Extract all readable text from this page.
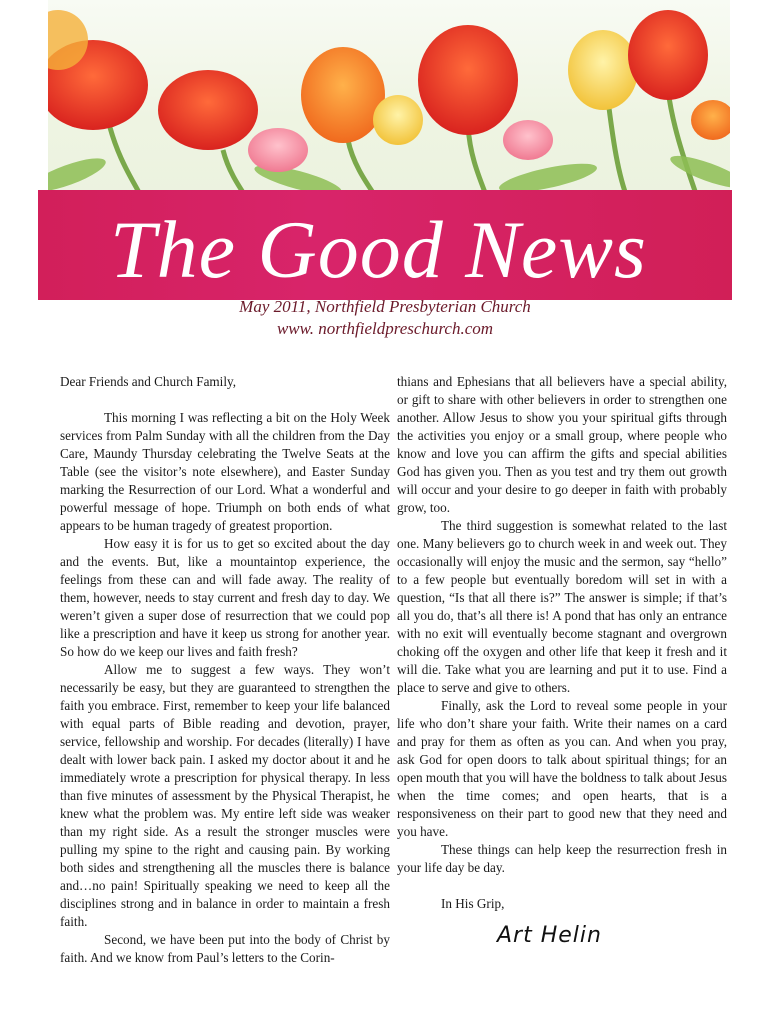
The Good News
May 2011, Northfield Presbyterian Church
www. northfieldpreschurch.com

Dear Friends and Church Family,

This morning I was reflecting a bit on the Holy Week services from Palm Sunday with all the children from the Day Care, Maundy Thursday celebrating the Twelve Seats at the Table (see the visitor’s note elsewhere), and Easter Sunday marking the Resurrection of our Lord. What a wonderful and powerful message of hope. Triumph on both ends of what appears to be human tragedy of greatest proportion.

How easy it is for us to get so excited about the day and the events. But, like a mountaintop experience, the feelings from these can and will fade away. The reality of them, however, needs to stay current and fresh day to day. We weren’t given a super dose of resurrection that we could pop like a prescription and have it keep us strong for another year. So how do we keep our lives and faith fresh?

Allow me to suggest a few ways. They won’t necessarily be easy, but they are guaranteed to strengthen the faith you embrace. First, remember to keep your life balanced with equal parts of Bible reading and devotion, prayer, service, fellowship and worship. For decades (literally) I have dealt with lower back pain. I asked my doctor about it and he immediately wrote a prescription for physical therapy. In less than five minutes of assessment by the Physical Therapist, he knew what the problem was. My entire left side was weaker than my right side. As a result the stronger muscles were pulling my spine to the right and causing pain. By working both sides and strengthening all the muscles there is balance and…no pain! Spiritually speaking we need to keep all the disciplines strong and in balance in order to maintain a fresh faith.

Second, we have been put into the body of Christ by faith. And we know from Paul’s letters to the Corin-

thians and Ephesians that all believers have a special ability, or gift to share with other believers in order to strengthen one another. Allow Jesus to show you your spiritual gifts through the activities you enjoy or a small group, where people who know and love you can affirm the gifts and special abilities God has given you. Then as you test and try them out growth will occur and your desire to go deeper in faith with probably grow, too.

The third suggestion is somewhat related to the last one. Many believers go to church week in and week out. They occasionally will enjoy the music and the sermon, say “hello” to a few people but eventually boredom will set in with a question, “Is that all there is?” The answer is simple; if that’s all you do, that’s all there is! A pond that has only an entrance with no exit will eventually become stagnant and overgrown choking off the oxygen and other life that keep it fresh and it will die. Take what you are learning and put it to use. Find a place to serve and give to others.

Finally, ask the Lord to reveal some people in your life who don’t share your faith. Write their names on a card and pray for them as often as you can. And when you pray, ask God for open doors to talk about spiritual things; for an open mouth that you will have the boldness to talk about Jesus when the time comes; and open hearts, that is a responsiveness on their part to good new that they need and you have.

These things can help keep the resurrection fresh in your life day be day.

In His Grip,

Art Helin
